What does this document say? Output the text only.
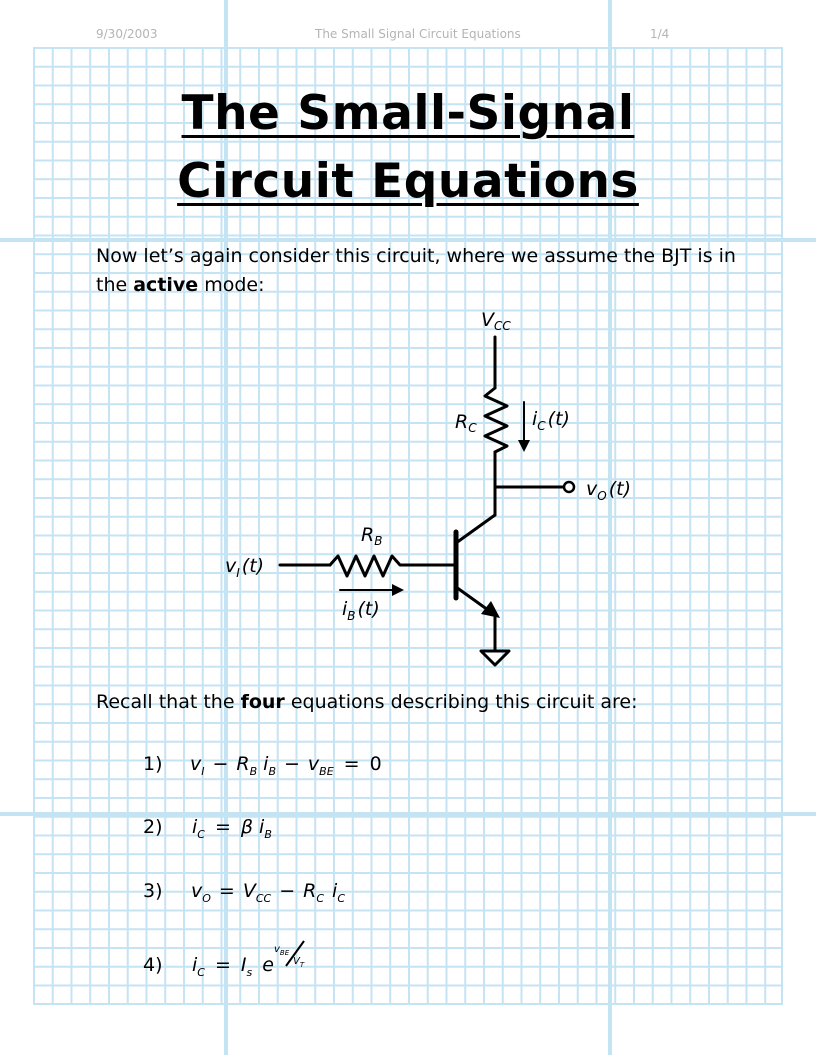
9/30/2003	The Small Signal Circuit Equations	1/4
The Small-Signal
Circuit Equations
Now let’s again consider this circuit, where we assume the BJT is in the active mode:
$V_{CC}$
$R_C$	$i_C$ (t)
$v_O$ (t)
$R_B$
$v_I$ (t)
$i_B$ (t)
Recall that the four equations describing this circuit are:
1)
2)
3)
4)
$v_I - R_B$ $i_B - v_{BE} = 0$
$i_C = \beta$ $i_B$
$v_O = V_{CC} - R_C$ $i_C$
$i_C = I_s$ e
$v_{BE}$
$V_T$
